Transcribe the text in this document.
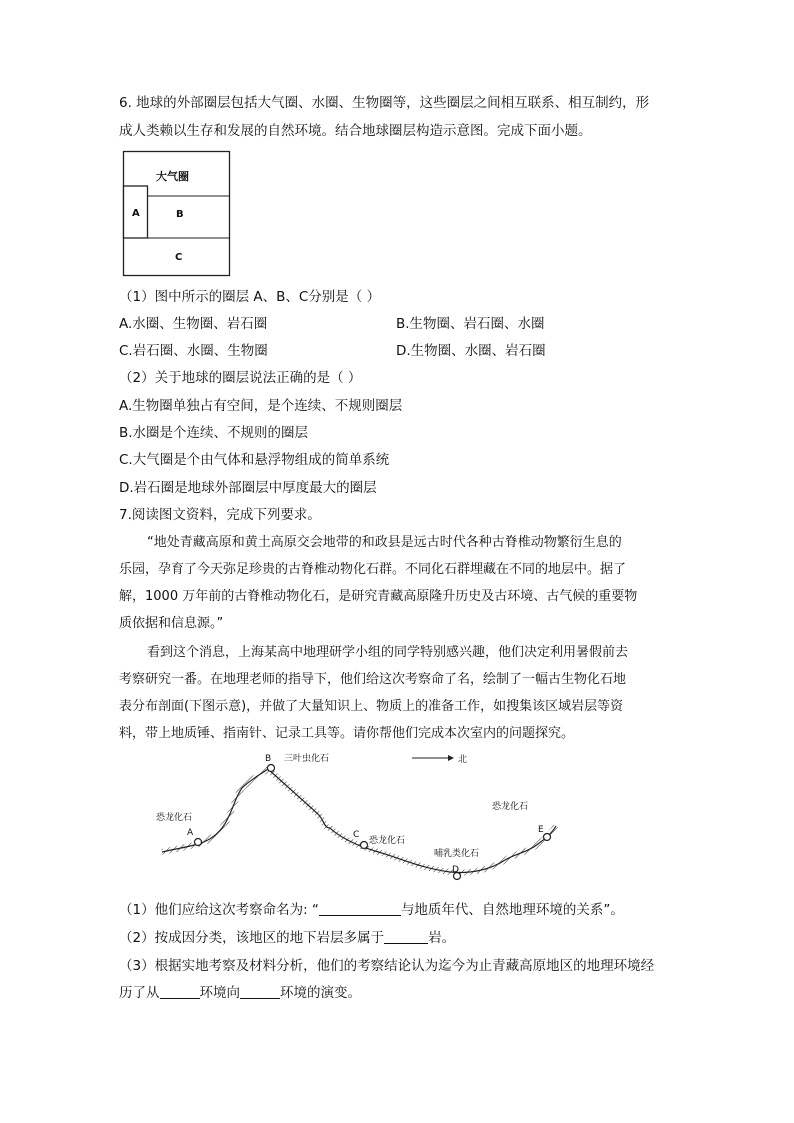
6. 地球的外部圈层包括大气圈、水圈、生物圈等，这些圈层之间相互联系、相互制约，形
成人类赖以生存和发展的自然环境。结合地球圈层构造示意图。完成下面小题。
大气圈
A	B
C
（1）图中所示的圈层 A、B、C分别是（ ）
A.水圈、生物圈、岩石圈	B.生物圈、岩石圈、水圈
C.岩石圈、水圈、生物圈	D.生物圈、水圈、岩石圈
（2）关于地球的圈层说法正确的是（ ）
A.生物圈单独占有空间，是个连续、不规则圈层
B.水圈是个连续、不规则的圈层
C.大气圈是个由气体和悬浮物组成的简单系统
D.岩石圈是地球外部圈层中厚度最大的圈层
7.阅读图文资料，完成下列要求。
“地处青藏高原和黄土高原交会地带的和政县是远古时代各种古脊椎动物繁衍生息的
乐园，孕育了今天弥足珍贵的古脊椎动物化石群。不同化石群埋藏在不同的地层中。据了
解，1000 万年前的古脊椎动物化石，是研究青藏高原隆升历史及古环境、古气候的重要物
质依据和信息源。”
看到这个消息，上海某高中地理研学小组的同学特别感兴趣，他们决定利用暑假前去
考察研究一番。在地理老师的指导下，他们给这次考察命了名，绘制了一幅古生物化石地
表分布剖面(下图示意)，并做了大量知识上、物质上的准备工作，如搜集该区域岩层等资
料，带上地质锤、指南针、记录工具等。请你帮他们完成本次室内的问题探究。
A
B
C
D
E
三叶虫化石
恐龙化石
恐龙化石
恐龙化石
哺乳类化石
北
（1）他们应给这次考察命名为: “	与地质年代、自然地理环境的关系”。
（2）按成因分类，该地区的地下岩层多属于	岩。
（3）根据实地考察及材料分析，他们的考察结论认为迄今为止青藏高原地区的地理环境经
历了从	环境向	环境的演变。
